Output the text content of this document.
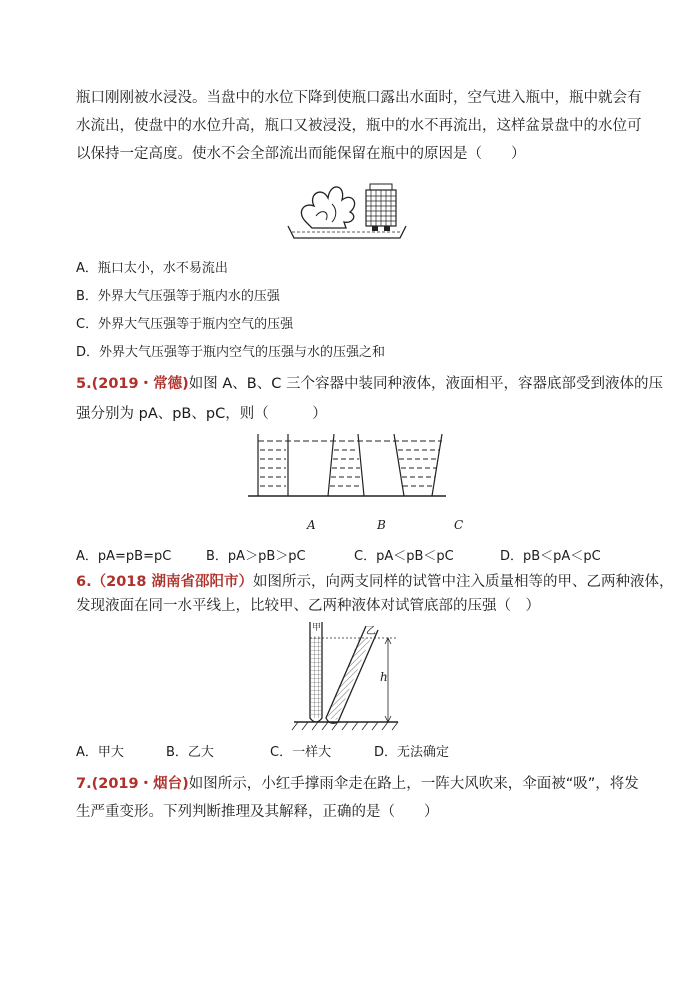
瓶口刚刚被水浸没。当盘中的水位下降到使瓶口露出水面时，空气进入瓶中，瓶中就会有
水流出，使盘中的水位升高，瓶口又被浸没，瓶中的水不再流出，这样盆景盘中的水位可
以保持一定高度。使水不会全部流出而能保留在瓶中的原因是（　　）
A．瓶口太小，水不易流出
B．外界大气压强等于瓶内水的压强
C．外界大气压强等于瓶内空气的压强
D．外界大气压强等于瓶内空气的压强与水的压强之和
5.(2019・常德)如图 A、B、C 三个容器中装同种液体，液面相平，容器底部受到液体的压
强分别为 pA、pB、pC，则（　　　）
A	B	C
A．pA=pB=pC	B．pA＞pB＞pC	C．pA＜pB＜pC	D．pB＜pA＜pC
6.（2018 湖南省邵阳市）如图所示，向两支同样的试管中注入质量相等的甲、乙两种液体，
发现液面在同一水平线上，比较甲、乙两种液体对试管底部的压强（　）
甲	乙
h
A．甲大	B．乙大	C．一样大	D．无法确定
7.(2019・烟台)如图所示，小红手撑雨伞走在路上，一阵大风吹来，伞面被“吸”，将发
生严重变形。下列判断推理及其解释，正确的是（　　）
